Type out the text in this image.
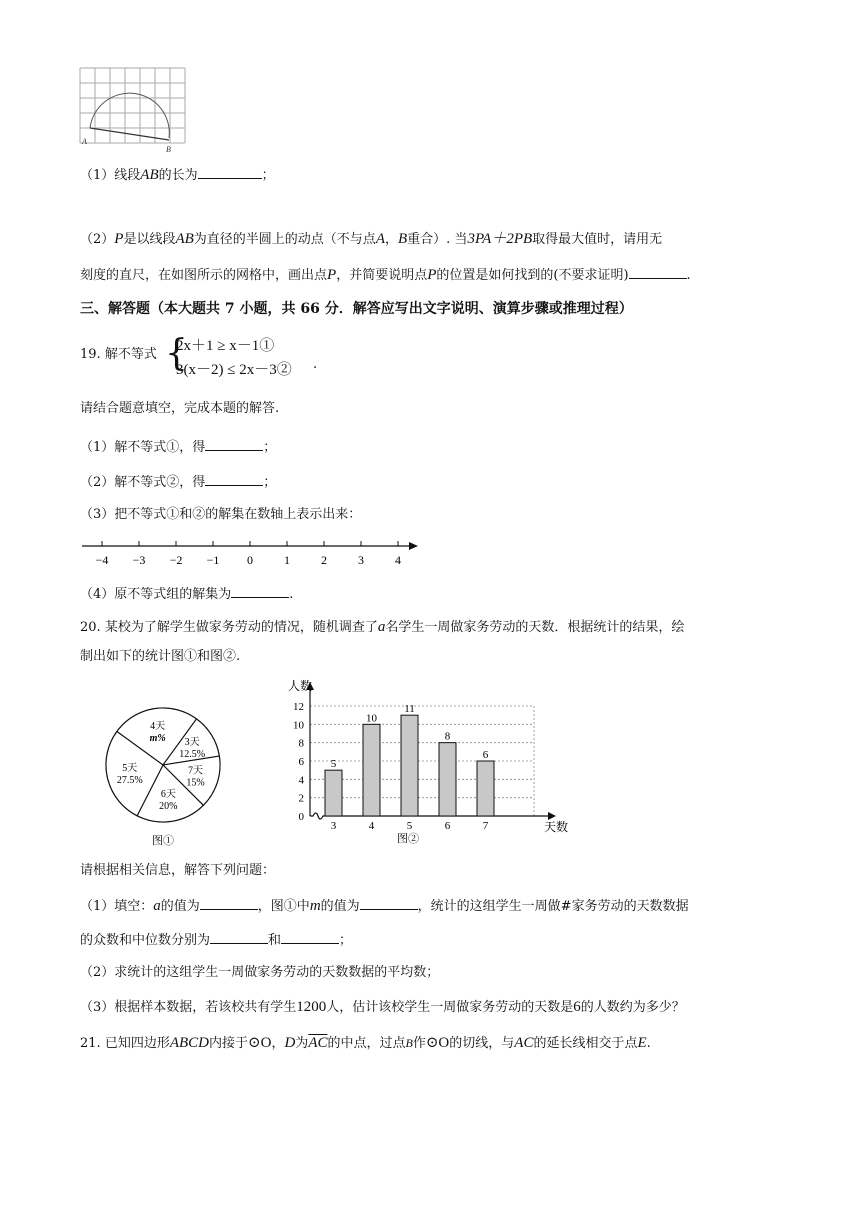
A
B
（1）线段AB的长为	；
（2）P是以线段AB为直径的半圆上的动点（不与点A，B重合）. 当3PA＋2PB取得最大值时，请用无
刻度的直尺，在如图所示的网格中，画出点P，并简要说明点P的位置是如何找到的(不要求证明)	.
三、解答题（本大题共 7 小题，共 66 分．解答应写出文字说明、演算步骤或推理过程）
19. 解不等式 {
2x＋1 ≥ x－1①
3(x－2) ≤ 2x－3② .
请结合题意填空，完成本题的解答.
（1）解不等式①，得	；
（2）解不等式②，得	；
（3）把不等式①和②的解集在数轴上表示出来：
−4 −3 −2 −1 0	1	2	3	4
（4）原不等式组的解集为	.
20. 某校为了解学生做家务劳动的情况，随机调查了a名学生一周做家务劳动的天数．根据统计的结果，绘
制出如下的统计图①和图②.
4天
m% 3天
12.5%
7天
15%
6天
20%
5天
27.5%
图①
0
2
4
6
8
10
12
人数
天数
5
3
10
4
11
5
8
6
6
7
图②
请根据相关信息，解答下列问题：
（1）填空：a的值为	，图①中m的值为	，统计的这组学生一周做#家务劳动的天数数据
的众数和中位数分别为	和	；
（2）求统计的这组学生一周做家务劳动的天数数据的平均数；
（3）根据样本数据，若该校共有学生1200人，估计该校学生一周做家务劳动的天数是6的人数约为多少？
21. 已知四边形ABCD内接于⊙O，D为$\overline{AC}$的中点，过点B作⊙O的切线，与AC的延长线相交于点E.
